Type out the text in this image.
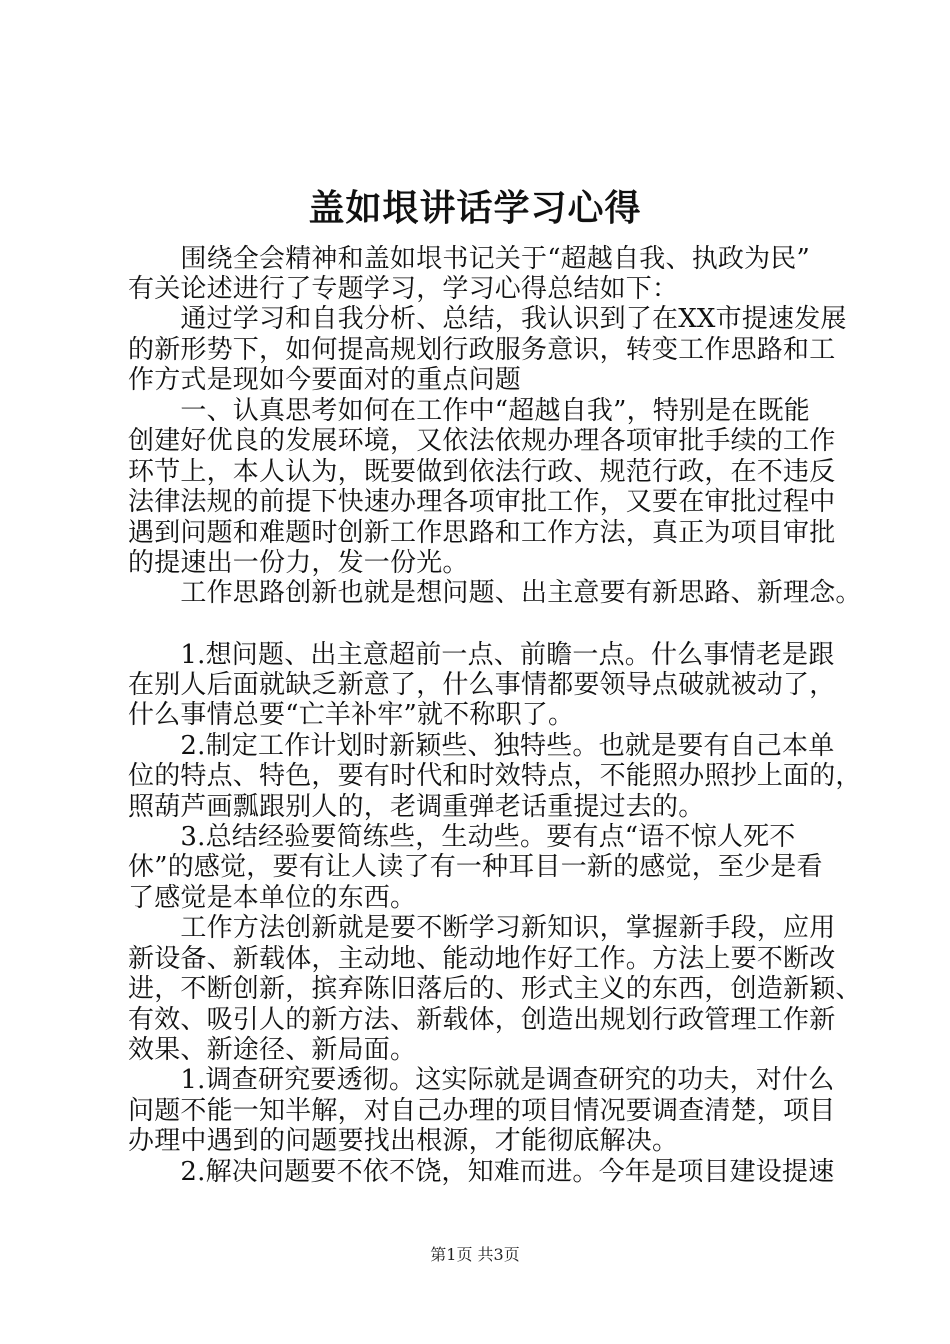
盖如垠讲话学习心得
　　围绕全会精神和盖如垠书记关于“超越自我、执政为民”
有关论述进行了专题学习，学习心得总结如下：
　　通过学习和自我分析、总结，我认识到了在XX市提速发展
的新形势下，如何提高规划行政服务意识，转变工作思路和工
作方式是现如今要面对的重点问题
　　一、认真思考如何在工作中“超越自我”，特别是在既能
创建好优良的发展环境，又依法依规办理各项审批手续的工作
环节上，本人认为，既要做到依法行政、规范行政，在不违反
法律法规的前提下快速办理各项审批工作，又要在审批过程中
遇到问题和难题时创新工作思路和工作方法，真正为项目审批
的提速出一份力，发一份光。
　　工作思路创新也就是想问题、出主意要有新思路、新理念。
　　1.想问题、出主意超前一点、前瞻一点。什么事情老是跟
在别人后面就缺乏新意了，什么事情都要领导点破就被动了，
什么事情总要“亡羊补牢”就不称职了。
　　2.制定工作计划时新颖些、独特些。也就是要有自己本单
位的特点、特色，要有时代和时效特点，不能照办照抄上面的，
照葫芦画瓢跟别人的，老调重弹老话重提过去的。
　　3.总结经验要简练些，生动些。要有点“语不惊人死不
休”的感觉，要有让人读了有一种耳目一新的感觉，至少是看
了感觉是本单位的东西。
　　工作方法创新就是要不断学习新知识，掌握新手段，应用
新设备、新载体，主动地、能动地作好工作。方法上要不断改
进，不断创新，摈弃陈旧落后的、形式主义的东西，创造新颖、
有效、吸引人的新方法、新载体，创造出规划行政管理工作新
效果、新途径、新局面。
　　1.调查研究要透彻。这实际就是调查研究的功夫，对什么
问题不能一知半解，对自己办理的项目情况要调查清楚，项目
办理中遇到的问题要找出根源，才能彻底解决。
　　2.解决问题要不依不饶，知难而进。今年是项目建设提速
第1页 共3页
